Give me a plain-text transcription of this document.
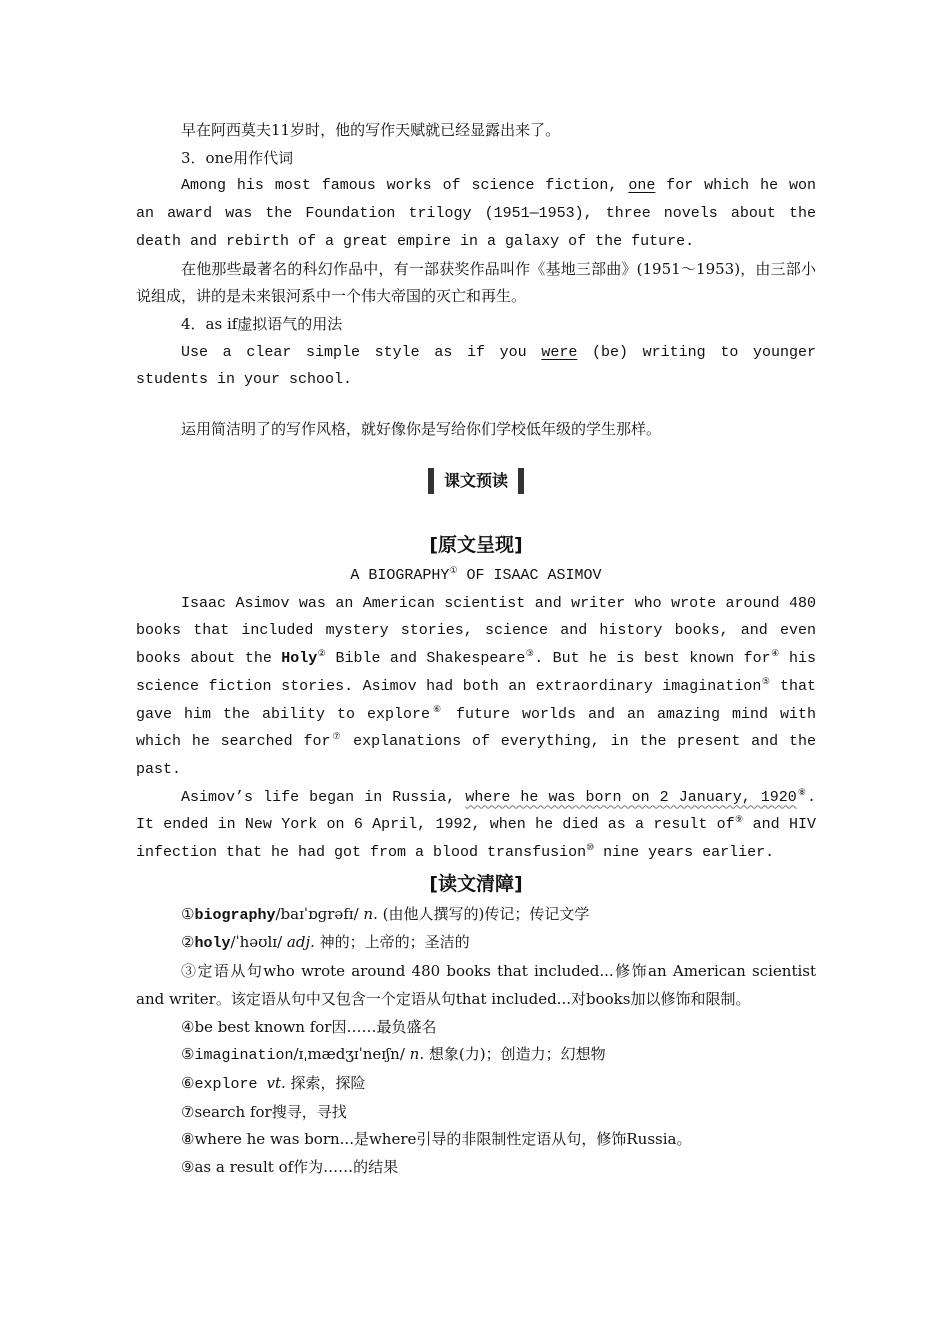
早在阿西莫夫11岁时，他的写作天赋就已经显露出来了。

3．one用作代词

Among his most famous works of science fiction, one for which he won an award was the Foundation trilogy (1951—1953), three novels about the death and rebirth of a great empire in a galaxy of the future.

在他那些最著名的科幻作品中，有一部获奖作品叫作《基地三部曲》(1951～1953)，由三部小说组成，讲的是未来银河系中一个伟大帝国的灭亡和再生。

4．as if虚拟语气的用法

Use a clear simple style as if you were (be) writing to younger students in your school.

运用简洁明了的写作风格，就好像你是写给你们学校低年级的学生那样。

课文预读

[原文呈现]

A BIOGRAPHY① OF ISAAC ASIMOV

Isaac Asimov was an American scientist and writer who wrote around 480 books that included mystery stories, science and history books, and even books about the Holy② Bible and Shakespeare③. But he is best known for④ his science fiction stories. Asimov had both an extraordinary imagination⑤ that gave him the ability to explore⑥ future worlds and an amazing mind with which he searched for⑦ explanations of everything, in the present and the past.

Asimov’s life began in Russia, where he was born on 2 January, 1920⑧. It ended in New York on 6 April, 1992, when he died as a result of⑨ and HIV infection that he had got from a blood transfusion⑩ nine years earlier.

[读文清障]

①biography/baɪˈɒɡrəfɪ/ n. (由他人撰写的)传记；传记文学

②holy/ˈhəʊlɪ/ adj. 神的；上帝的；圣洁的

③定语从句who wrote around 480 books that included...修饰an American scientist and writer。该定语从句中又包含一个定语从句that included...对books加以修饰和限制。

④be best known for因……最负盛名

⑤imagination/ɪˌmædʒɪˈneɪʃn/ n. 想象(力)；创造力；幻想物

⑥explore vt. 探索，探险

⑦search for搜寻，寻找

⑧where he was born...是where引导的非限制性定语从句，修饰Russia。

⑨as a result of作为……的结果
